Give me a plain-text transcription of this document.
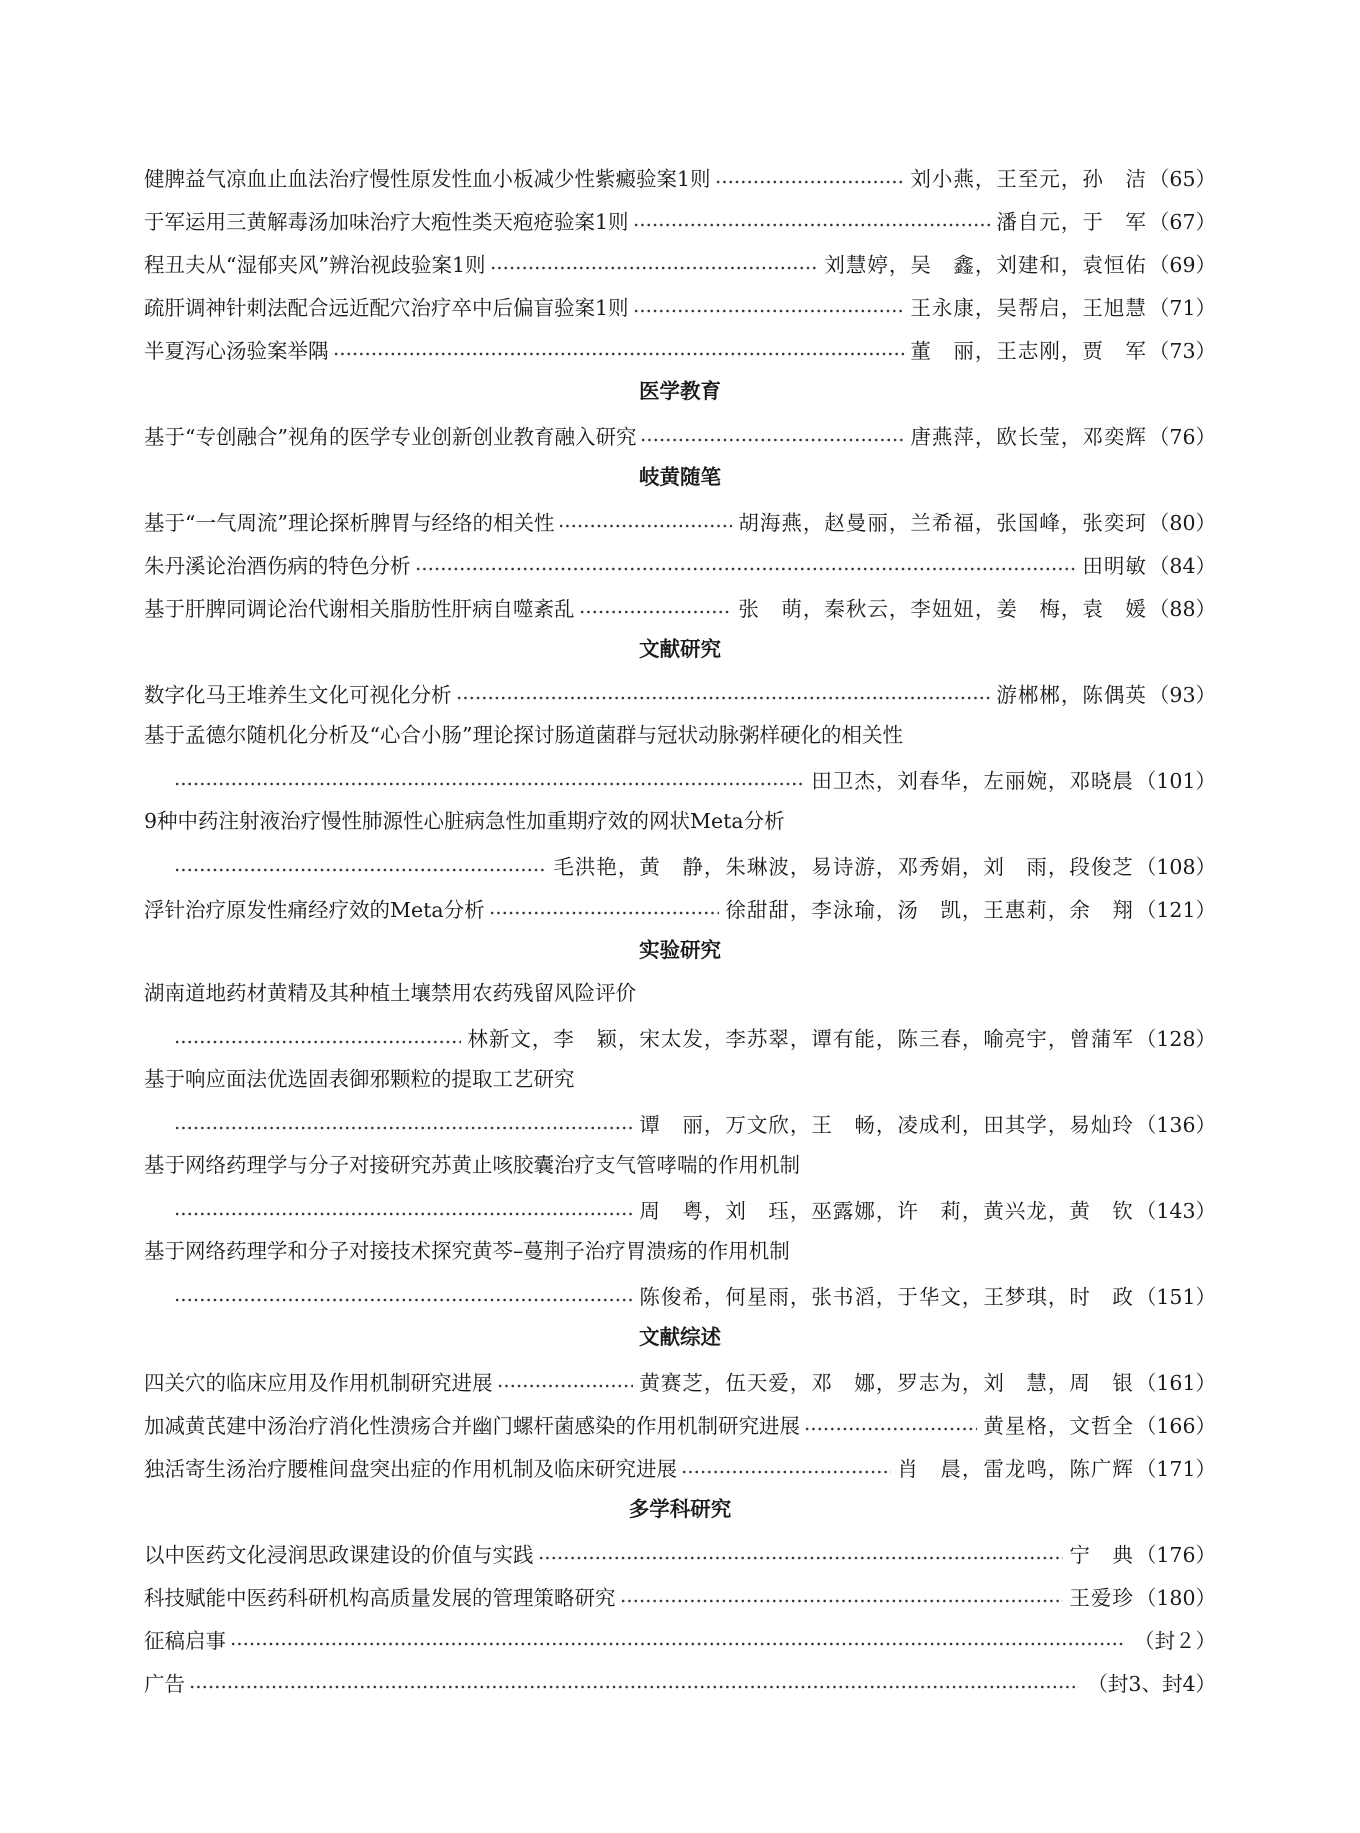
健脾益气凉血止血法治疗慢性原发性血小板减少性紫癜验案1则	刘小燕，王至元，孙　洁 （65）
于军运用三黄解毒汤加味治疗大疱性类天疱疮验案1则	潘自元，于　军 （67）
程丑夫从“湿郁夹风”辨治视歧验案1则	刘慧婷，吴　鑫，刘建和，袁恒佑 （69）
疏肝调神针刺法配合远近配穴治疗卒中后偏盲验案1则	王永康，吴帮启，王旭慧 （71）
半夏泻心汤验案举隅	董　丽，王志刚，贾　军 （73）
医学教育
基于“专创融合”视角的医学专业创新创业教育融入研究	唐燕萍，欧长莹，邓奕辉 （76）
岐黄随笔
基于“一气周流”理论探析脾胃与经络的相关性	胡海燕，赵曼丽，兰希福，张国峰，张奕珂 （80）
朱丹溪论治酒伤病的特色分析	田明敏 （84）
基于肝脾同调论治代谢相关脂肪性肝病自噬紊乱	张　萌，秦秋云，李妞妞，姜　梅，袁　媛 （88）
文献研究
数字化马王堆养生文化可视化分析	游郴郴，陈偶英 （93）
基于孟德尔随机化分析及“心合小肠”理论探讨肠道菌群与冠状动脉粥样硬化的相关性
田卫杰，刘春华，左丽婉，邓晓晨 （101）
9种中药注射液治疗慢性肺源性心脏病急性加重期疗效的网状Meta分析
毛洪艳，黄　静，朱琳波，易诗游，邓秀娟，刘　雨，段俊芝 （108）
浮针治疗原发性痛经疗效的Meta分析	徐甜甜，李泳瑜，汤　凯，王惠莉，余　翔 （121）
实验研究
湖南道地药材黄精及其种植土壤禁用农药残留风险评价
林新文，李　颖，宋太发，李苏翠，谭有能，陈三春，喻亮宇，曾蒲军 （128）
基于响应面法优选固表御邪颗粒的提取工艺研究
谭　丽，万文欣，王　畅，凌成利，田其学，易灿玲 （136）
基于网络药理学与分子对接研究苏黄止咳胶囊治疗支气管哮喘的作用机制
周　粤，刘　珏，巫露娜，许　莉，黄兴龙，黄　钦 （143）
基于网络药理学和分子对接技术探究黄芩–蔓荆子治疗胃溃疡的作用机制
陈俊希，何星雨，张书滔，于华文，王梦琪，时　政 （151）
文献综述
四关穴的临床应用及作用机制研究进展	黄赛芝，伍天爱，邓　娜，罗志为，刘　慧，周　银 （161）
加减黄芪建中汤治疗消化性溃疡合并幽门螺杆菌感染的作用机制研究进展	黄星格，文哲全 （166）
独活寄生汤治疗腰椎间盘突出症的作用机制及临床研究进展	肖　晨，雷龙鸣，陈广辉 （171）
多学科研究
以中医药文化浸润思政课建设的价值与实践	宁　典 （176）
科技赋能中医药科研机构高质量发展的管理策略研究	王爱珍 （180）
征稿启事	（封２）
广告	（封3、封4）
